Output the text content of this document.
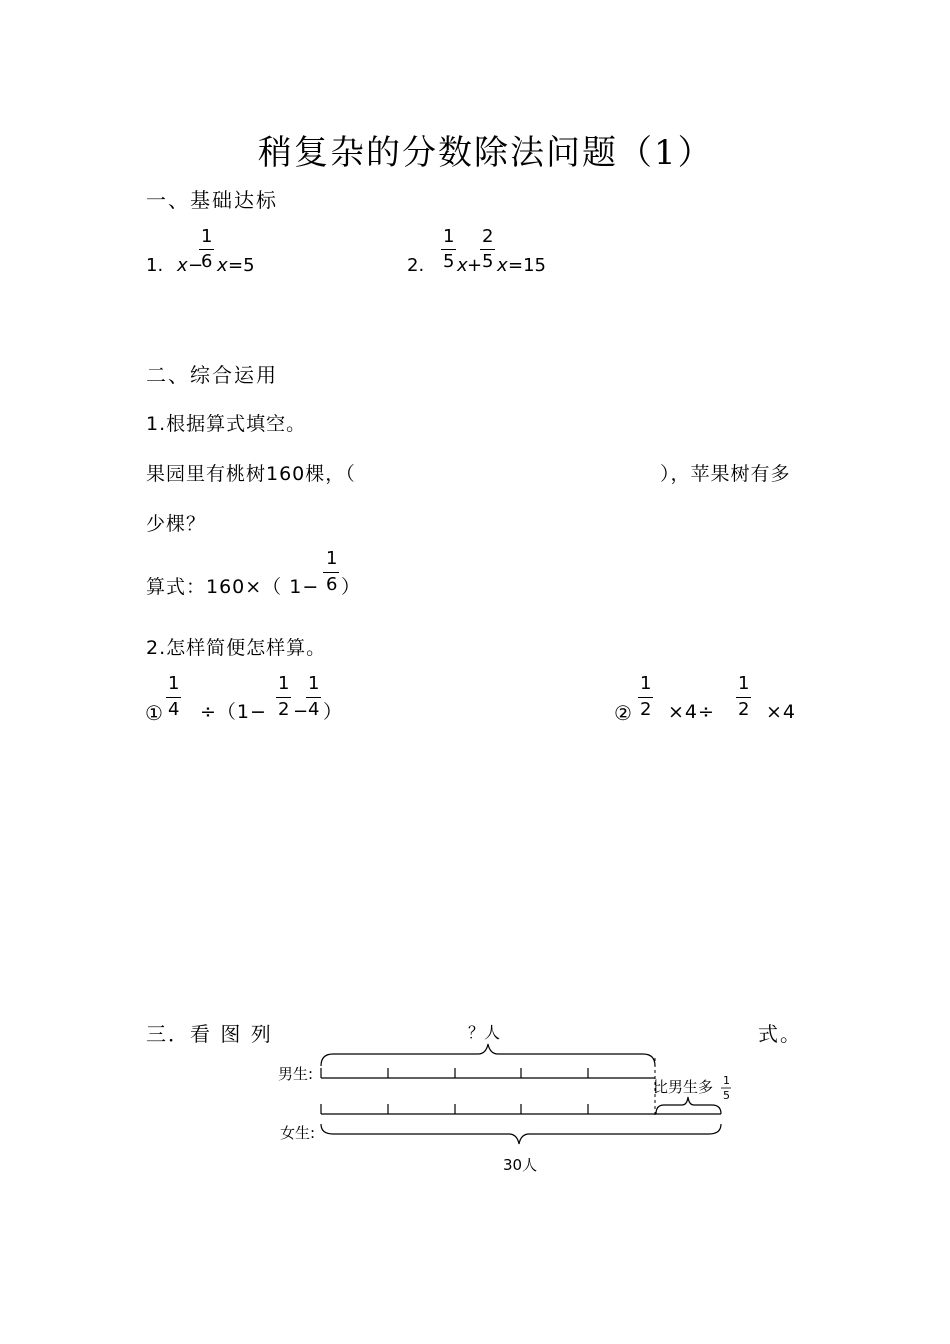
稍复杂的分数除法问题（1）
一、基础达标
1. x −
1
6 x =5	2.
1
5 x +
2
5 x =15
二、综合运用
1.根据算式填空。
果园里有桃树160棵，（	），苹果树有多
少棵？
算式：160×（ 1−
1
6 ）
2.怎样简便怎样算。
①
1
4 ÷（1−
1
2 −
1
4 ）	②
1
2 ×4÷
1
2 ×4
三．看 图 列	式。
？人
男生:
比男生多 1
5
女生:
30人
